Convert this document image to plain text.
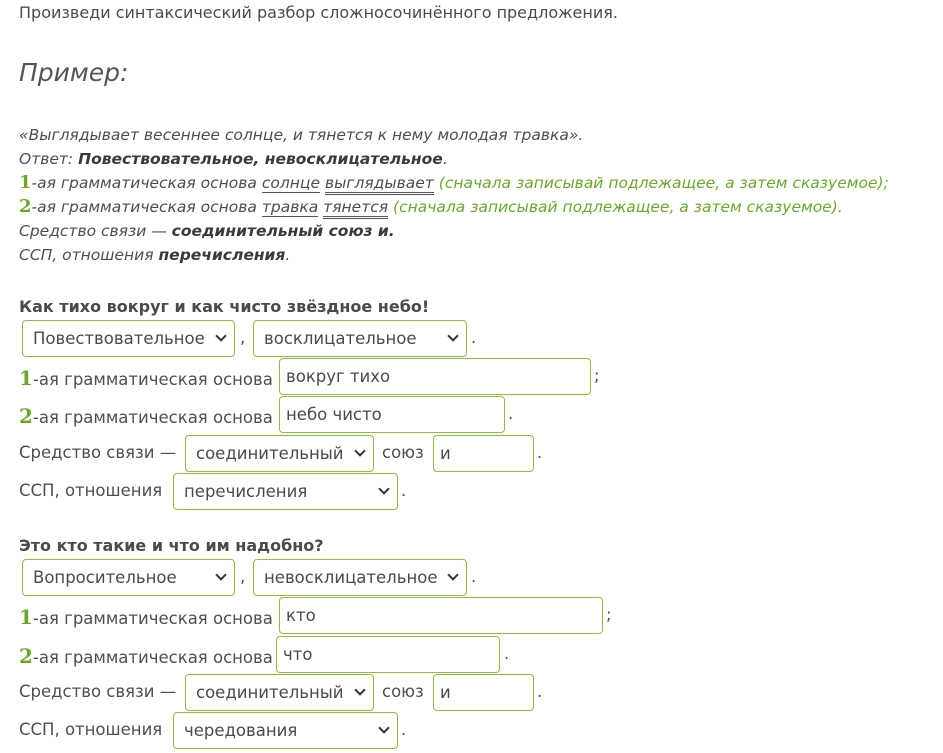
Произведи синтаксический разбор сложносочинённого предложения.
Пример:
«Выглядывает весеннее солнце, и тянется к нему молодая травка».
Ответ: Повествовательное, невосклицательное.
1-ая грамматическая основа солнце выглядывает (сначала записывай подлежащее, а затем сказуемое);
2-ая грамматическая основа травка тянется (сначала записывай подлежащее, а затем сказуемое).
Средство связи — соединительный союз и.
ССП, отношения перечисления.
Как тихо вокруг и как чисто звёздное небо!
Повествовательное	,	восклицательное	.
1-ая грамматическая основа вокруг тихо	;
2-ая грамматическая основа небо чисто	.
Средство связи —	соединительный	союз и	.
ССП, отношения	перечисления	.
Это кто такие и что им надобно?
Вопросительное	,	невосклицательное	.
1-ая грамматическая основа кто	;
2-ая грамматическая основа что	.
Средство связи —	соединительный	союз и	.
ССП, отношения	чередования	.
